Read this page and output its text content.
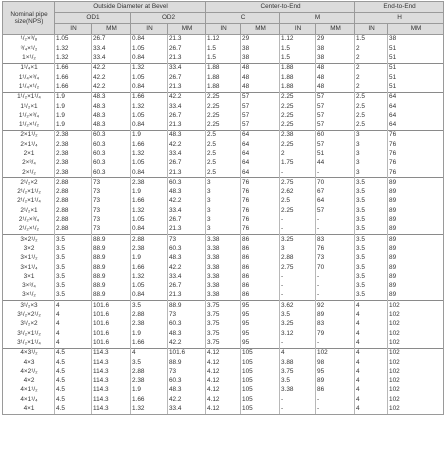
Nominal pipe size(NPS)	Outside Diameter at Bevel				Center-to-End				End-to-End	
	OD1		OD2		C		M		H	
	IN	MM	IN	MM	IN	MM	IN	MM	IN	MM
¹/₂×³/₈	1.05	26.7	0.84	21.3	1.12	29	1.12	29	1.5	38
³/₄×¹/₂	1.32	33.4	1.05	26.7	1.5	38	1.5	38	2	51
1×¹/₂	1.32	33.4	0.84	21.3	1.5	38	1.5	38	2	51
1¹/₄×1	1.66	42.2	1.32	33.4	1.88	48	1.88	48	2	51
1¹/₄×³/₄	1.66	42.2	1.05	26.7	1.88	48	1.88	48	2	51
1¹/₄×¹/₂	1.66	42.2	0.84	21.3	1.88	48	1.88	48	2	51
1¹/₂×1¹/₄	1.9	48.3	1.66	42.2	2.25	57	2.25	57	2.5	64
1¹/₂×1	1.9	48.3	1.32	33.4	2.25	57	2.25	57	2.5	64
1¹/₂×³/₄	1.9	48.3	1.05	26.7	2.25	57	2.25	57	2.5	64
1¹/₂×¹/₂	1.9	48.3	0.84	21.3	2.25	57	2.25	57	2.5	64
2×1¹/₂	2.38	60.3	1.9	48.3	2.5	64	2.38	60	3	76
2×1¹/₄	2.38	60.3	1.66	42.2	2.5	64	2.25	57	3	76
2×1	2.38	60.3	1.32	33.4	2.5	64	2	51	3	76
2×³/₄	2.38	60.3	1.05	26.7	2.5	64	1.75	44	3	76
2×¹/₂	2.38	60.3	0.84	21.3	2.5	64	-	-	3	76
2¹/₂×2	2.88	73	2.38	60.3	3	76	2.75	70	3.5	89
2¹/₂×1¹/₂	2.88	73	1.9	48.3	3	76	2.62	67	3.5	89
2¹/₂×1¹/₄	2.88	73	1.66	42.2	3	76	2.5	64	3.5	89
2¹/₂×1	2.88	73	1.32	33.4	3	76	2.25	57	3.5	89
2¹/₂×³/₄	2.88	73	1.05	26.7	3	76	-	-	3.5	89
2¹/₂×¹/₂	2.88	73	0.84	21.3	3	76	-	-	3.5	89
3×2¹/₂	3.5	88.9	2.88	73	3.38	86	3.25	83	3.5	89
3×2	3.5	88.9	2.38	60.3	3.38	86	3	76	3.5	89
3×1¹/₂	3.5	88.9	1.9	48.3	3.38	86	2.88	73	3.5	89
3×1¹/₄	3.5	88.9	1.66	42.2	3.38	86	2.75	70	3.5	89
3×1	3.5	88.9	1.32	33.4	3.38	86	-	-	3.5	89
3×³/₄	3.5	88.9	1.05	26.7	3.38	86	-	-	3.5	89
3×¹/₂	3.5	88.9	0.84	21.3	3.38	86	-	-	3.5	89
3¹/₂×3	4	101.6	3.5	88.9	3.75	95	3.62	92	4	102
3¹/₂×2¹/₂	4	101.6	2.88	73	3.75	95	3.5	89	4	102
3¹/₂×2	4	101.6	2.38	60.3	3.75	95	3.25	83	4	102
3¹/₂×1¹/₂	4	101.6	1.9	48.3	3.75	95	3.12	79	4	102
3¹/₂×1¹/₄	4	101.6	1.66	42.2	3.75	95	-	-	4	102
4×3¹/₂	4.5	114.3	4	101.6	4.12	105	4	102	4	102
4×3	4.5	114.3	3.5	88.9	4.12	105	3.88	98	4	102
4×2¹/₂	4.5	114.3	2.88	73	4.12	105	3.75	95	4	102
4×2	4.5	114.3	2.38	60.3	4.12	105	3.5	89	4	102
4×1¹/₂	4.5	114.3	1.9	48.3	4.12	105	3.38	86	4	102
4×1¹/₄	4.5	114.3	1.66	42.2	4.12	105	-	-	4	102
4×1	4.5	114.3	1.32	33.4	4.12	105	-	-	4	102
